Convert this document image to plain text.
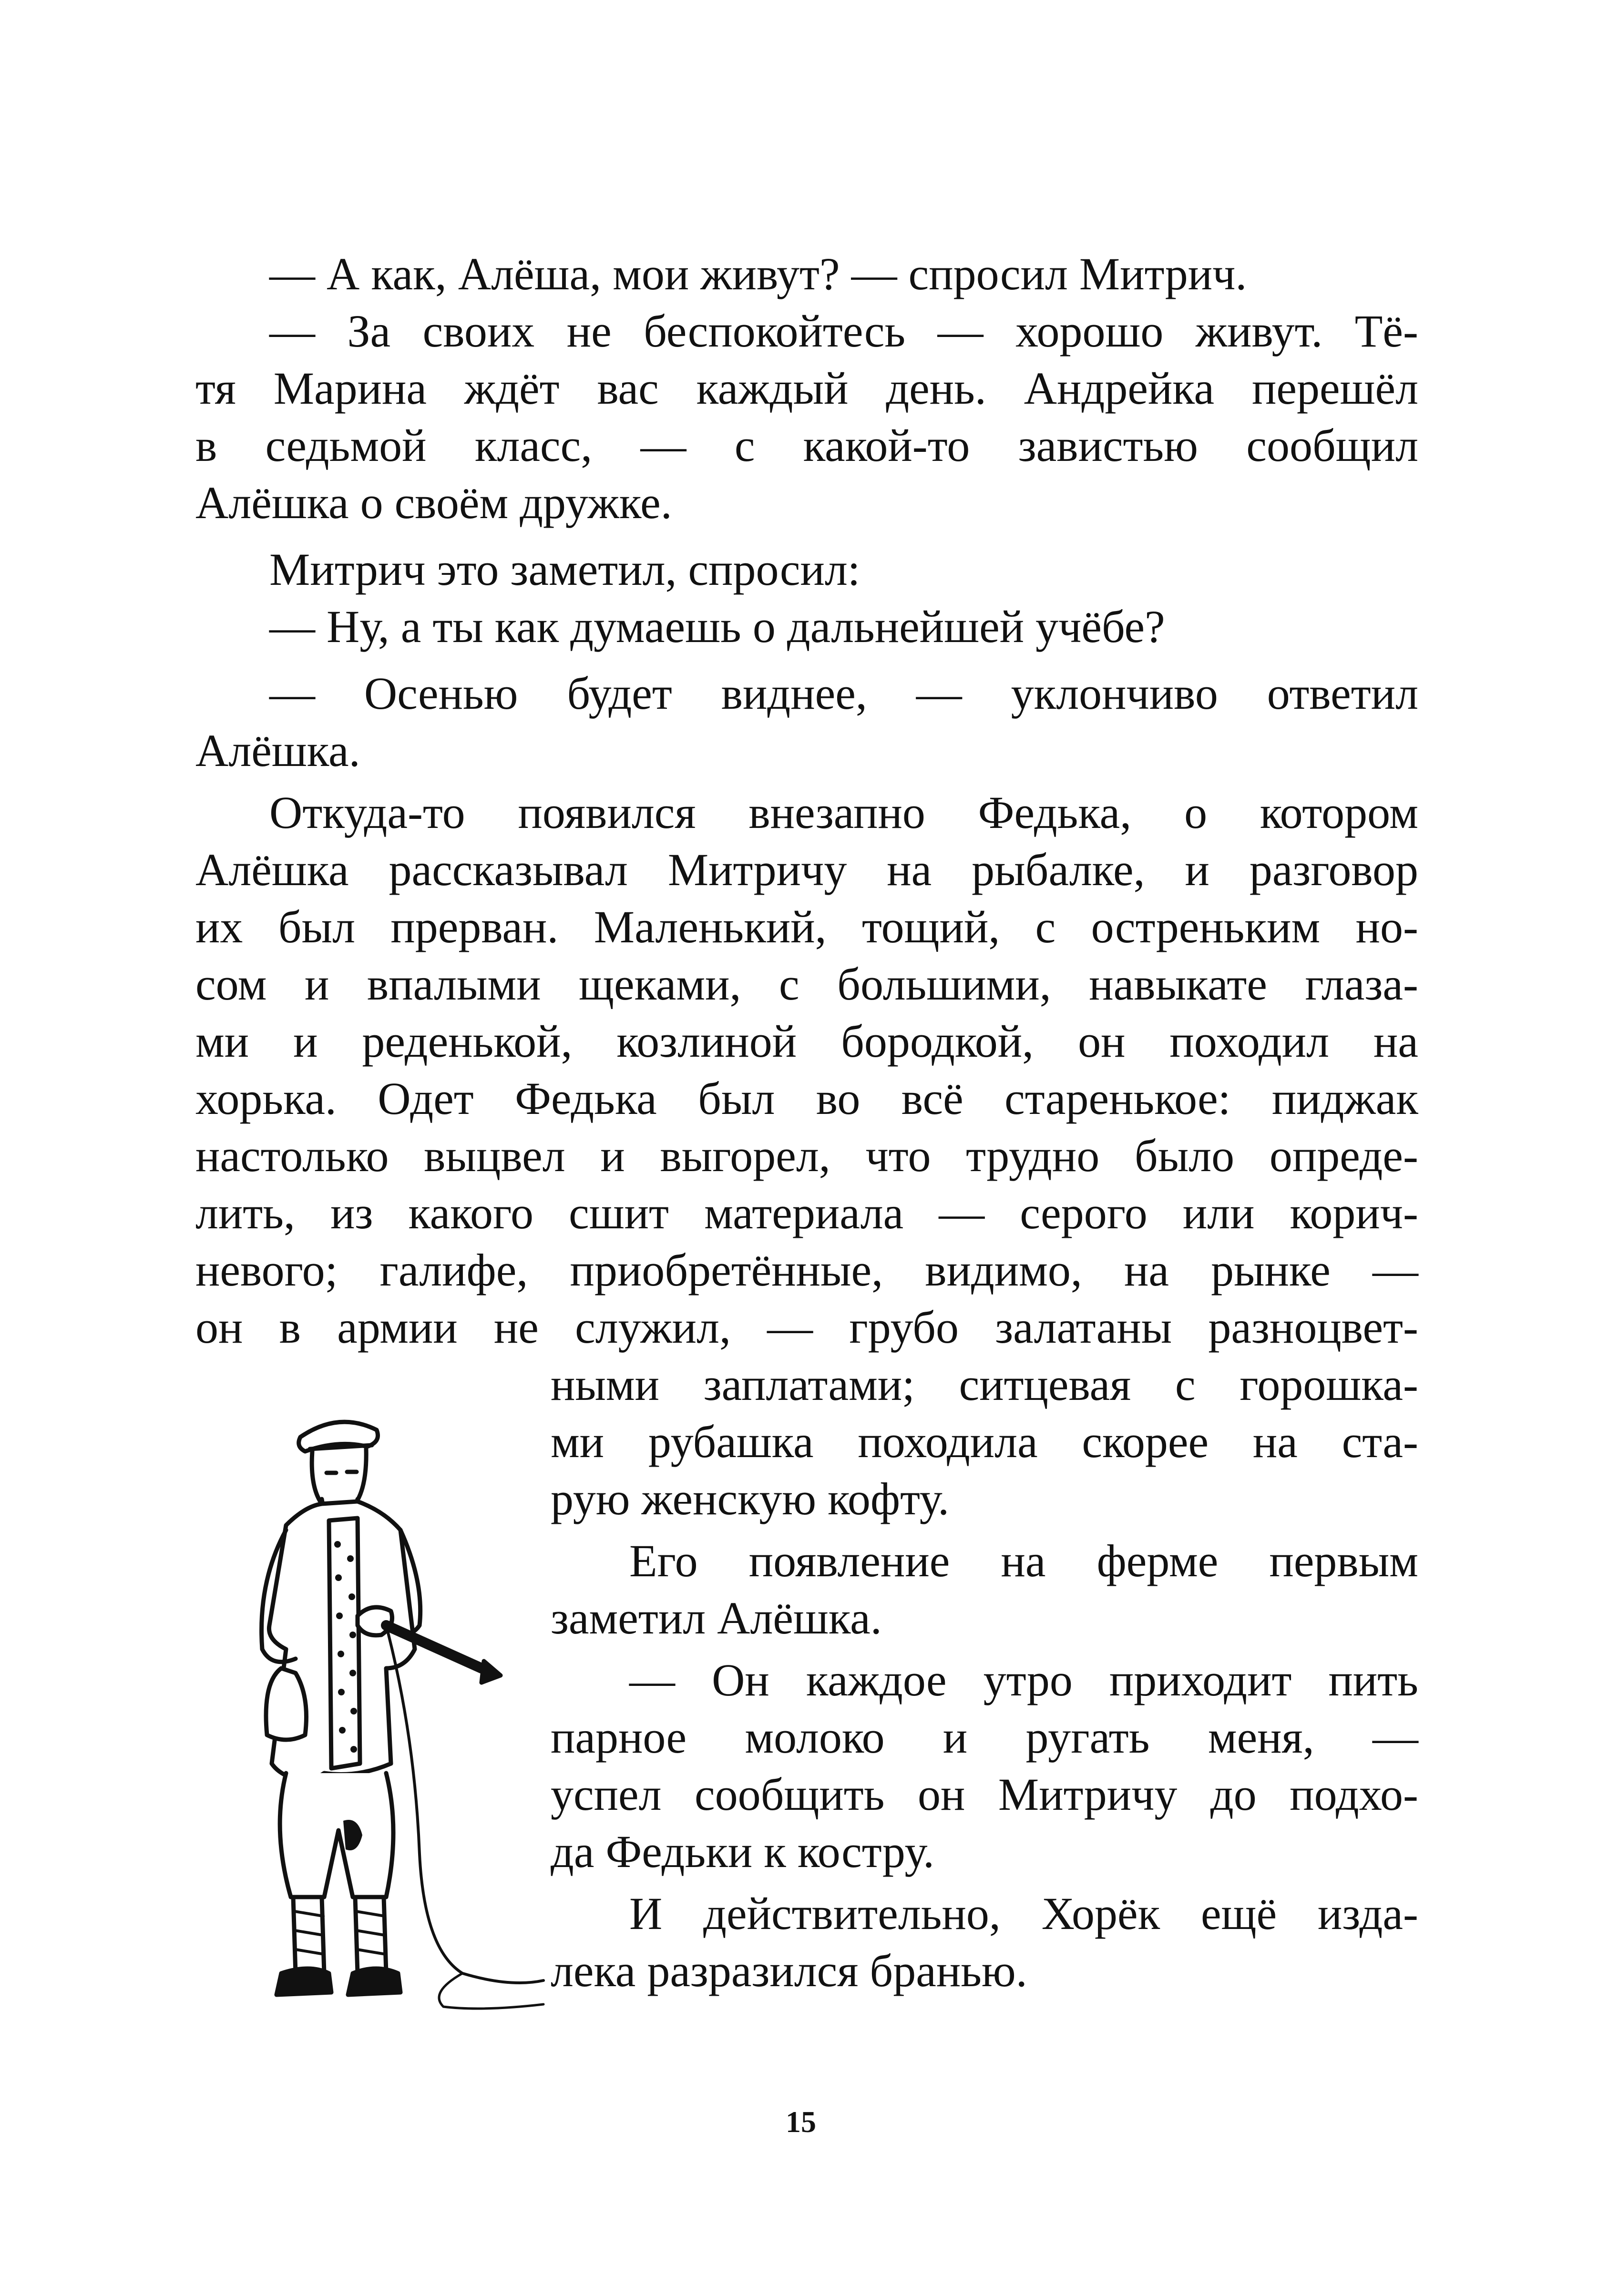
— А как, Алёша, мои живут? — спросил Митрич.

— За своих не беспокойтесь — хорошо живут. Тё-

тя Марина ждёт вас каждый день. Андрейка перешёл

в седьмой класс, — с какой-то завистью сообщил

Алёшка о своём дружке.

Митрич это заметил, спросил:

— Ну, а ты как думаешь о дальнейшей учёбе?

— Осенью будет виднее, — уклончиво ответил

Алёшка.

Откуда-то появился внезапно Федька, о котором

Алёшка рассказывал Митричу на рыбалке, и разговор

их был прерван. Маленький, тощий, с остреньким но-

сом и впалыми щеками, с большими, навыкате глаза-

ми и реденькой, козлиной бородкой, он походил на

хорька. Одет Федька был во всё старенькое: пиджак

настолько выцвел и выгорел, что трудно было опреде-

лить, из какого сшит материала — серого или корич-

невого; галифе, приобретённые, видимо, на рынке —

он в армии не служил, — грубо залатаны разноцвет-

ными заплатами; ситцевая с горошка-

ми рубашка походила скорее на ста-

рую женскую кофту.

Его появление на ферме первым

заметил Алёшка.

— Он каждое утро приходит пить

парное молоко и ругать меня, —

успел сообщить он Митричу до подхо-

да Федьки к костру.

И действительно, Хорёк ещё изда-

лека разразился бранью.

15
